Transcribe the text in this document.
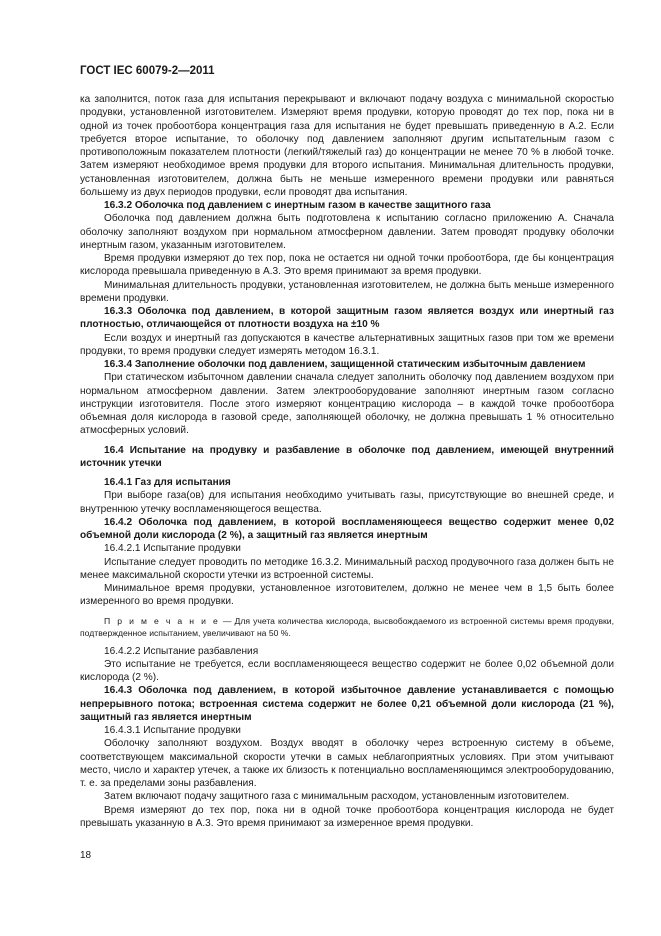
ГОСТ IEC 60079-2—2011

ка заполнится, поток газа для испытания перекрывают и включают подачу воздуха с минимальной скоростью продувки, установленной изготовителем. Измеряют время продувки, которую проводят до тех пор, пока ни в одной из точек пробоотбора концентрация газа для испытания не будет превышать приведенную в А.2. Если требуется второе испытание, то оболочку под давлением заполняют другим испытательным газом с противоположным показателем плотности (легкий/тяжелый газ) до концентрации не менее 70 % в любой точке. Затем измеряют необходимое время продувки для второго испытания. Минимальная длительность продувки, установленная изготовителем, должна быть не меньше измеренного времени продувки или равняться большему из двух периодов продувки, если проводят два испытания.

16.3.2 Оболочка под давлением с инертным газом в качестве защитного газа

Оболочка под давлением должна быть подготовлена к испытанию согласно приложению А. Сначала оболочку заполняют воздухом при нормальном атмосферном давлении. Затем проводят продувку оболочки инертным газом, указанным изготовителем.

Время продувки измеряют до тех пор, пока не остается ни одной точки пробоотбора, где бы концентрация кислорода превышала приведенную в А.3. Это время принимают за время продувки.

Минимальная длительность продувки, установленная изготовителем, не должна быть меньше измеренного времени продувки.

16.3.3 Оболочка под давлением, в которой защитным газом является воздух или инертный газ плотностью, отличающейся от плотности воздуха на ±10 %

Если воздух и инертный газ допускаются в качестве альтернативных защитных газов при том же времени продувки, то время продувки следует измерять методом 16.3.1.

16.3.4 Заполнение оболочки под давлением, защищенной статическим избыточным давлением

При статическом избыточном давлении сначала следует заполнить оболочку под давлением воздухом при нормальном атмосферном давлении. Затем электрооборудование заполняют инертным газом согласно инструкции изготовителя. После этого измеряют концентрацию кислорода – в каждой точке пробоотбора объемная доля кислорода в газовой среде, заполняющей оболочку, не должна превышать 1 % относительно атмосферных условий.

16.4 Испытание на продувку и разбавление в оболочке под давлением, имеющей внутренний источник утечки

16.4.1 Газ для испытания

При выборе газа(ов) для испытания необходимо учитывать газы, присутствующие во внешней среде, и внутреннюю утечку воспламеняющегося вещества.

16.4.2 Оболочка под давлением, в которой воспламеняющееся вещество содержит менее 0,02 объемной доли кислорода (2 %), а защитный газ является инертным

16.4.2.1 Испытание продувки

Испытание следует проводить по методике 16.3.2. Минимальный расход продувочного газа должен быть не менее максимальной скорости утечки из встроенной системы.

Минимальное время продувки, установленное изготовителем, должно не менее чем в 1,5 быть более измеренного во время продувки.

П р и м е ч а н и е — Для учета количества кислорода, высвобождаемого из встроенной системы время продувки, подтвержденное испытанием, увеличивают на 50 %.

16.4.2.2 Испытание разбавления

Это испытание не требуется, если воспламеняющееся вещество содержит не более 0,02 объемной доли кислорода (2 %).

16.4.3 Оболочка под давлением, в которой избыточное давление устанавливается с помощью непрерывного потока; встроенная система содержит не более 0,21 объемной доли кислорода (21 %), защитный газ является инертным

16.4.3.1 Испытание продувки

Оболочку заполняют воздухом. Воздух вводят в оболочку через встроенную систему в объеме, соответствующем максимальной скорости утечки в самых неблагоприятных условиях. При этом учитывают место, число и характер утечек, а также их близость к потенциально воспламеняющимся электрооборудованию, т. е. за пределами зоны разбавления.

Затем включают подачу защитного газа с минимальным расходом, установленным изготовителем.

Время измеряют до тех пор, пока ни в одной точке пробоотбора концентрация кислорода не будет превышать указанную в А.3. Это время принимают за измеренное время продувки.

18
